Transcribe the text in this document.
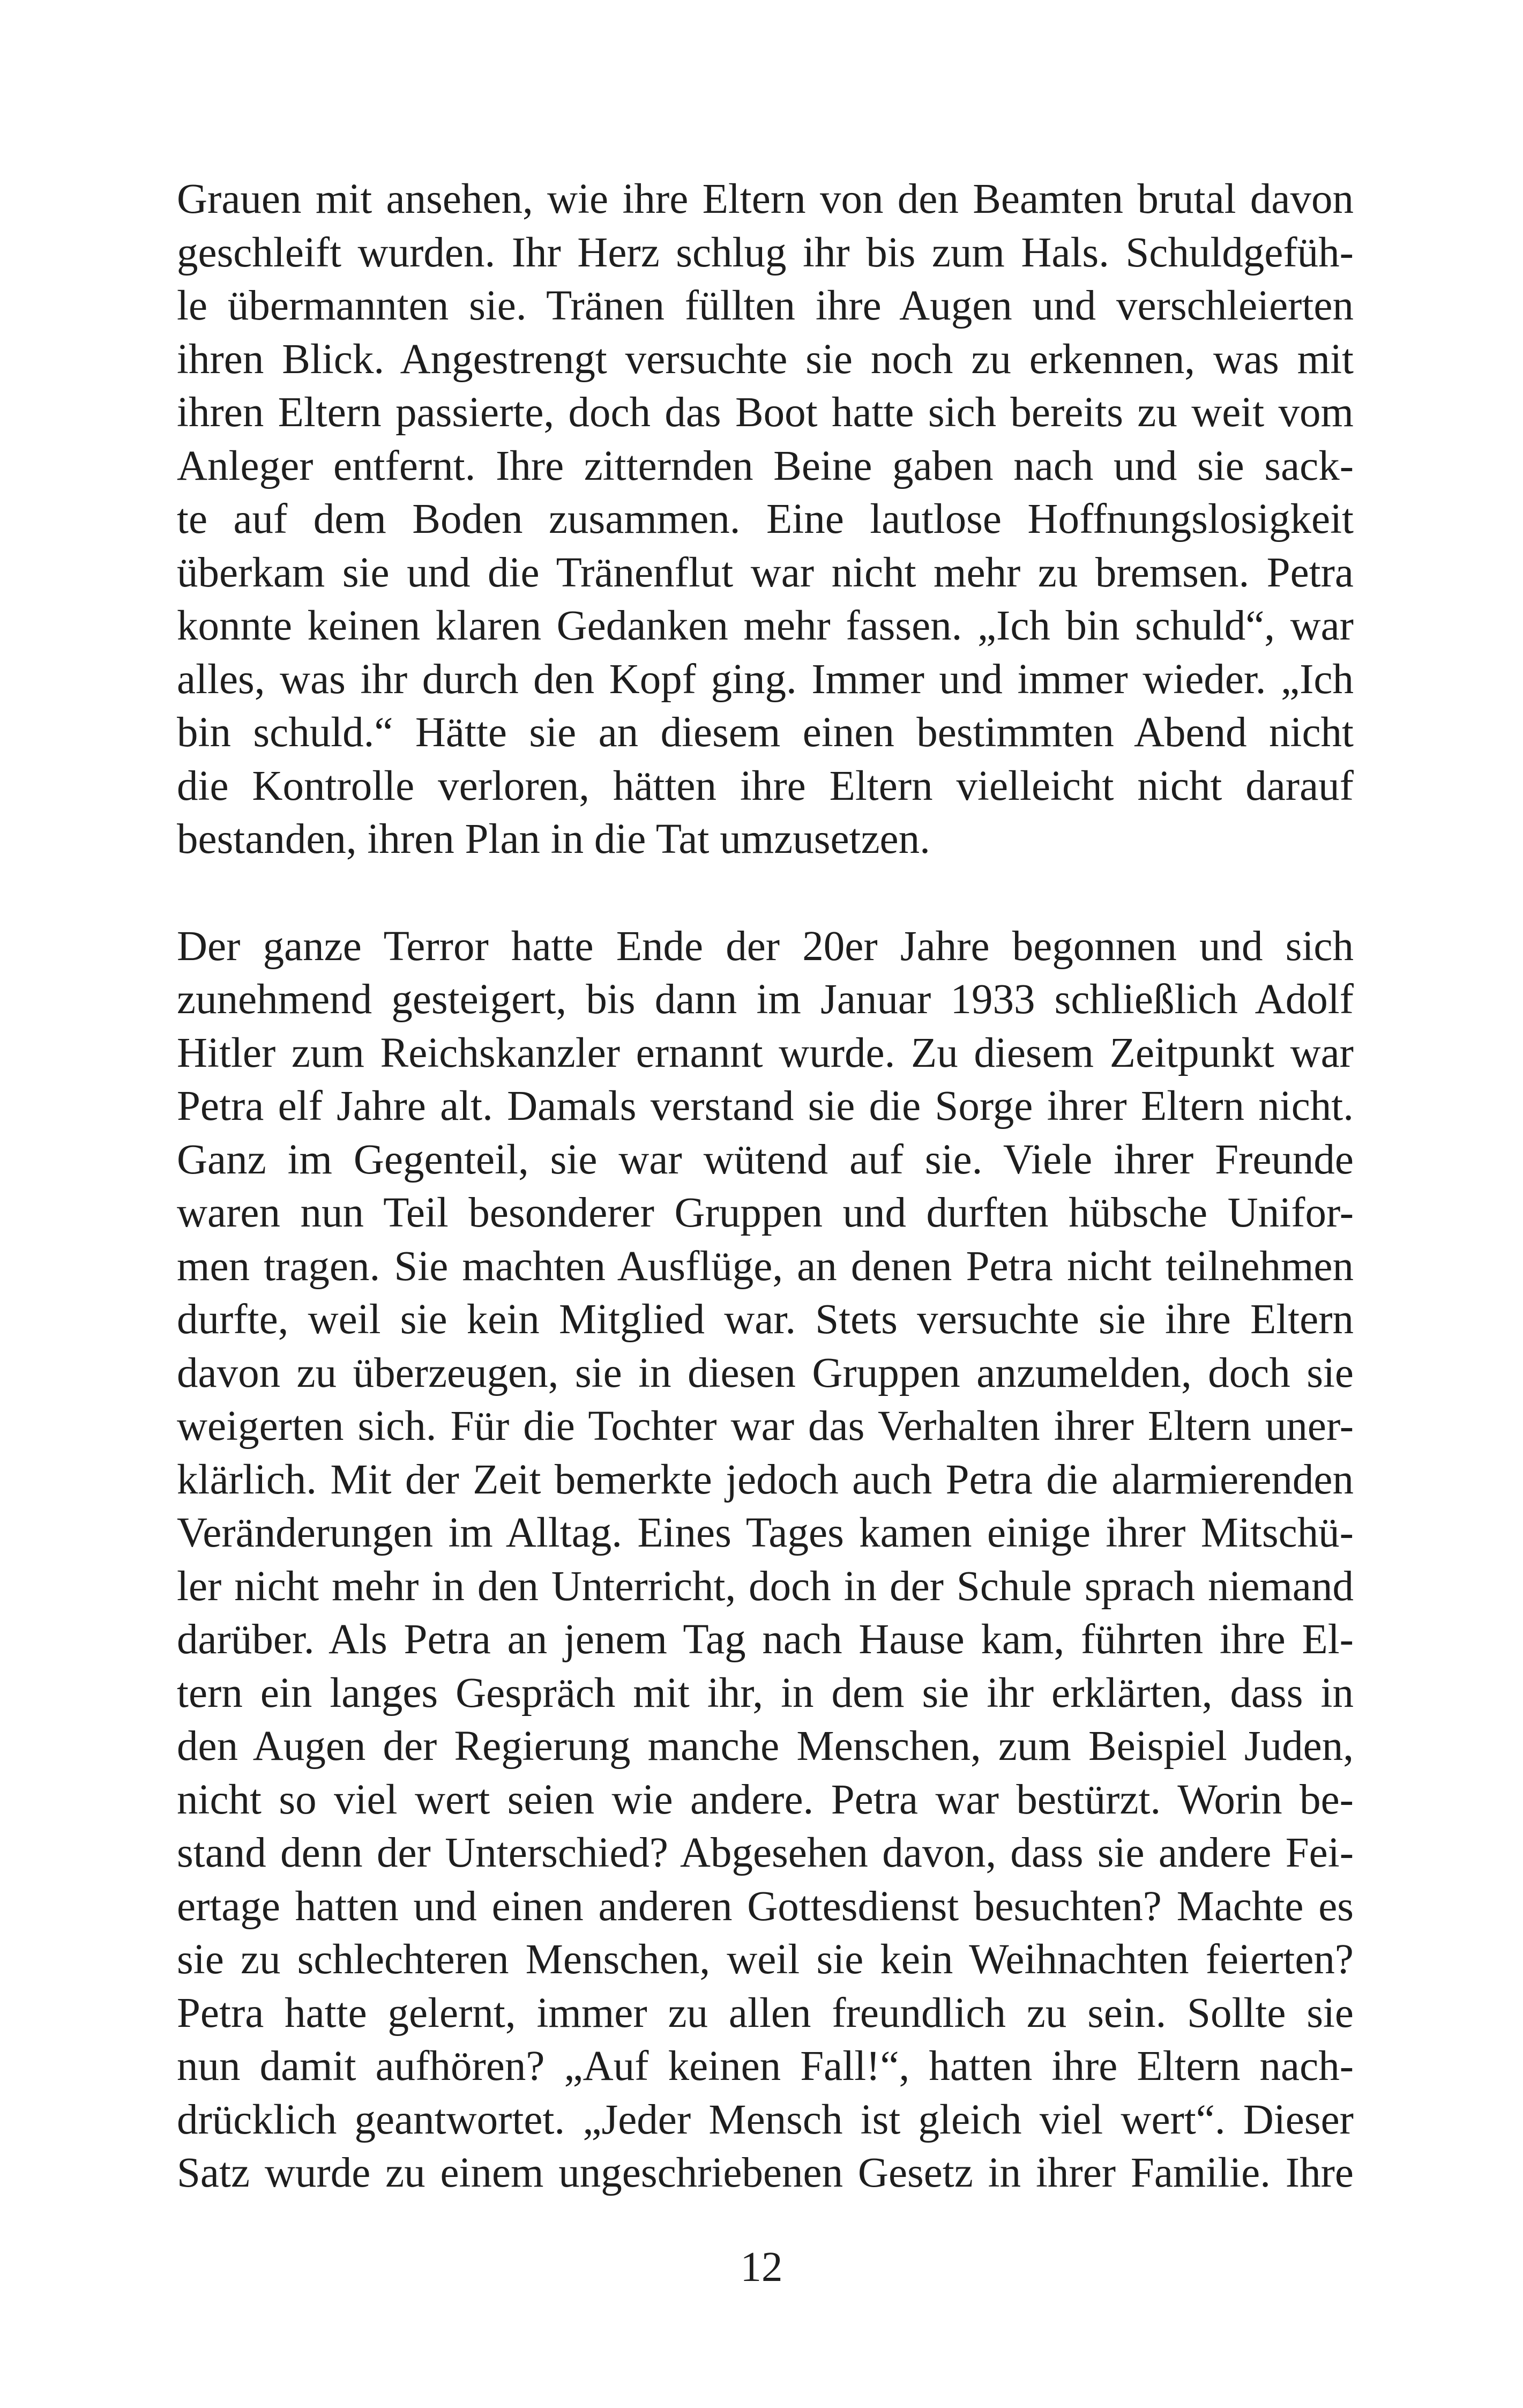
Grauen mit ansehen, wie ihre Eltern von den Beamten brutal davon
geschleift wurden. Ihr Herz schlug ihr bis zum Hals. Schuldgefüh-
le übermannten sie. Tränen füllten ihre Augen und verschleierten
ihren Blick. Angestrengt versuchte sie noch zu erkennen, was mit
ihren Eltern passierte, doch das Boot hatte sich bereits zu weit vom
Anleger entfernt. Ihre zitternden Beine gaben nach und sie sack-
te auf dem Boden zusammen. Eine lautlose Hoffnungslosigkeit
überkam sie und die Tränenflut war nicht mehr zu bremsen. Petra
konnte keinen klaren Gedanken mehr fassen. „Ich bin schuld“, war
alles, was ihr durch den Kopf ging. Immer und immer wieder. „Ich
bin schuld.“ Hätte sie an diesem einen bestimmten Abend nicht
die Kontrolle verloren, hätten ihre Eltern vielleicht nicht darauf
bestanden, ihren Plan in die Tat umzusetzen.
Der ganze Terror hatte Ende der 20er Jahre begonnen und sich
zunehmend gesteigert, bis dann im Januar 1933 schließlich Adolf
Hitler zum Reichskanzler ernannt wurde. Zu diesem Zeitpunkt war
Petra elf Jahre alt. Damals verstand sie die Sorge ihrer Eltern nicht.
Ganz im Gegenteil, sie war wütend auf sie. Viele ihrer Freunde
waren nun Teil besonderer Gruppen und durften hübsche Unifor-
men tragen. Sie machten Ausflüge, an denen Petra nicht teilnehmen
durfte, weil sie kein Mitglied war. Stets versuchte sie ihre Eltern
davon zu überzeugen, sie in diesen Gruppen anzumelden, doch sie
weigerten sich. Für die Tochter war das Verhalten ihrer Eltern uner-
klärlich. Mit der Zeit bemerkte jedoch auch Petra die alarmierenden
Veränderungen im Alltag. Eines Tages kamen einige ihrer Mitschü-
ler nicht mehr in den Unterricht, doch in der Schule sprach niemand
darüber. Als Petra an jenem Tag nach Hause kam, führten ihre El-
tern ein langes Gespräch mit ihr, in dem sie ihr erklärten, dass in
den Augen der Regierung manche Menschen, zum Beispiel Juden,
nicht so viel wert seien wie andere. Petra war bestürzt. Worin be-
stand denn der Unterschied? Abgesehen davon, dass sie andere Fei-
ertage hatten und einen anderen Gottesdienst besuchten? Machte es
sie zu schlechteren Menschen, weil sie kein Weihnachten feierten?
Petra hatte gelernt, immer zu allen freundlich zu sein. Sollte sie
nun damit aufhören? „Auf keinen Fall!“, hatten ihre Eltern nach-
drücklich geantwortet. „Jeder Mensch ist gleich viel wert“. Dieser
Satz wurde zu einem ungeschriebenen Gesetz in ihrer Familie. Ihre
12
